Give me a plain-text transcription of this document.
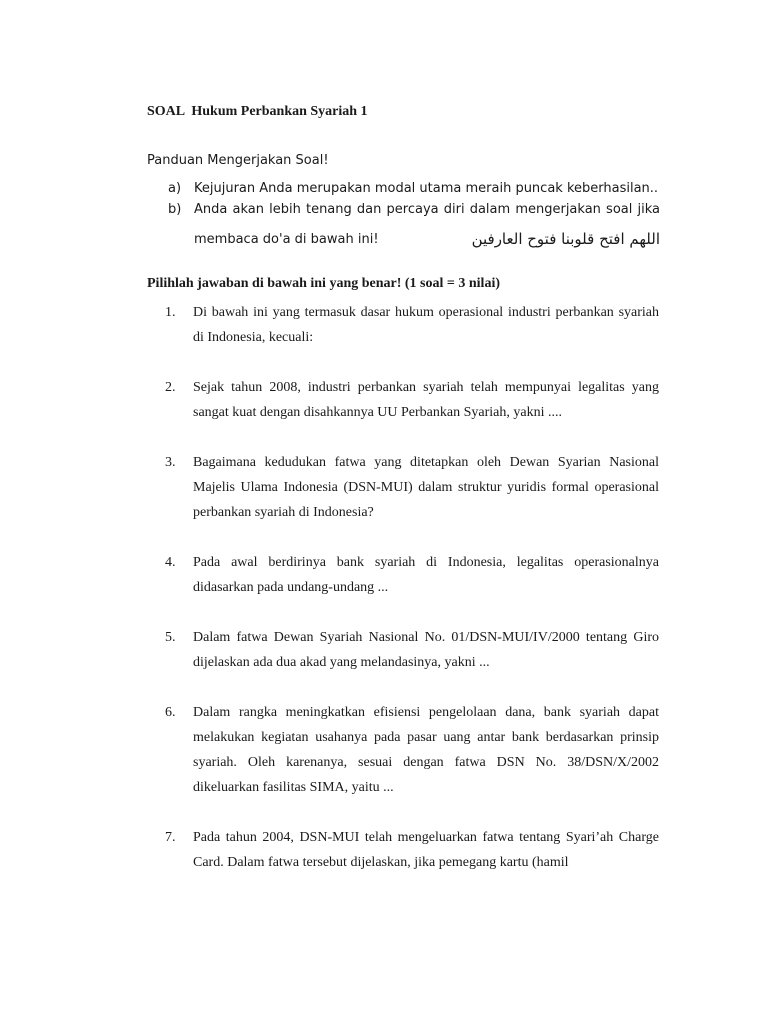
SOAL  Hukum Perbankan Syariah 1
Panduan Mengerjakan Soal!
a) Kejujuran Anda merupakan modal utama meraih puncak keberhasilan..
b) Anda akan lebih tenang dan percaya diri dalam mengerjakan soal jika
membaca do'a di bawah ini!	اللهم افتح قلوبنا فتوح العارفين
Pilihlah jawaban di bawah ini yang benar! (1 soal = 3 nilai)
1. Di bawah ini yang termasuk dasar hukum operasional industri perbankan syariah di Indonesia, kecuali:
2. Sejak tahun 2008, industri perbankan syariah telah mempunyai legalitas yang sangat kuat dengan disahkannya UU Perbankan Syariah, yakni ....
3. Bagaimana kedudukan fatwa yang ditetapkan oleh Dewan Syarian Nasional Majelis Ulama Indonesia (DSN-MUI) dalam struktur yuridis formal operasional perbankan syariah di Indonesia?
4. Pada awal berdirinya bank syariah di Indonesia, legalitas operasionalnya didasarkan pada undang-undang ...
5. Dalam fatwa Dewan Syariah Nasional No. 01/DSN-MUI/IV/2000 tentang Giro dijelaskan ada dua akad yang melandasinya, yakni ...
6. Dalam rangka meningkatkan efisiensi pengelolaan dana, bank syariah dapat melakukan kegiatan usahanya pada pasar uang antar bank berdasarkan prinsip syariah. Oleh karenanya, sesuai dengan fatwa DSN No. 38/DSN/X/2002 dikeluarkan fasilitas SIMA, yaitu ...
7. Pada tahun 2004, DSN-MUI telah mengeluarkan fatwa tentang Syari’ah Charge Card. Dalam fatwa tersebut dijelaskan, jika pemegang kartu (hamil
